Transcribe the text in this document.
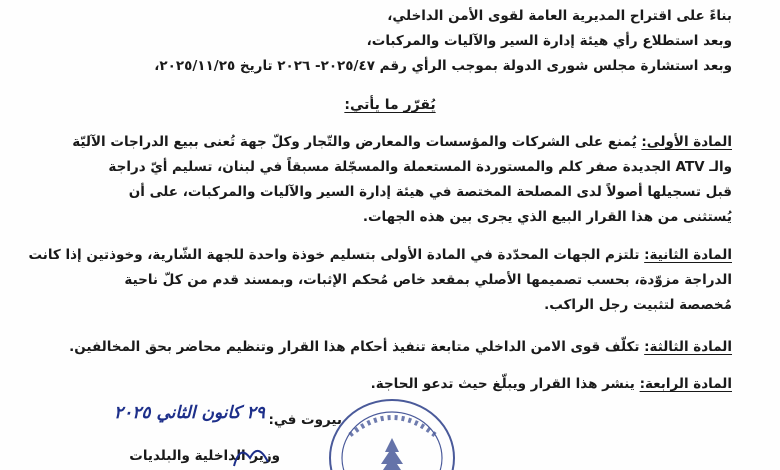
بناءً على اقتراح المديرية العامة لقوى الأمن الداخلي،
وبعد استطلاع رأي هيئة إدارة السير والآليات والمركبات،
وبعد استشارة مجلس شورى الدولة بموجب الرأي رقم ٢٠٢٥/٤٧- ٢٠٢٦ تاريخ ٢٠٢٥/١١/٢٥،
يُقرّر ما يأتي:
المادة الأولى: يُمنع على الشركات والمؤسسات والمعارض والتّجار وكلّ جهة تُعنى ببيع الدراجات الآليّة
والـ ATV الجديدة صفر كلم والمستوردة المستعملة والمسجّلة مسبقاً في لبنان، تسليم أيّ دراجة
قبل تسجيلها أصولاً لدى المصلحة المختصة في هيئة إدارة السير والآليات والمركبات، على أن
يُستثنى من هذا القرار البيع الذي يجرى بين هذه الجهات.
المادة الثانية: تلتزم الجهات المحدّدة في المادة الأولى بتسليم خوذة واحدة للجهة الشّارية، وخوذتين إذا كانت
الدراجة مزوّدة، بحسب تصميمها الأصلي بمقعد خاص مُحكم الإثبات، وبمسند قدم من كلّ ناحية
مُخصصة لتثبيت رجل الراكب.
المادة الثالثة: تكلّف قوى الامن الداخلي متابعة تنفيذ أحكام هذا القرار وتنظيم محاضر بحق المخالفين.
المادة الرابعة: ينشر هذا القرار ويبلّغ حيث تدعو الحاجة.
بيروت في:
٢٩ كانون الثاني ٢٠٢٥
وزير الداخلية والبلديات
